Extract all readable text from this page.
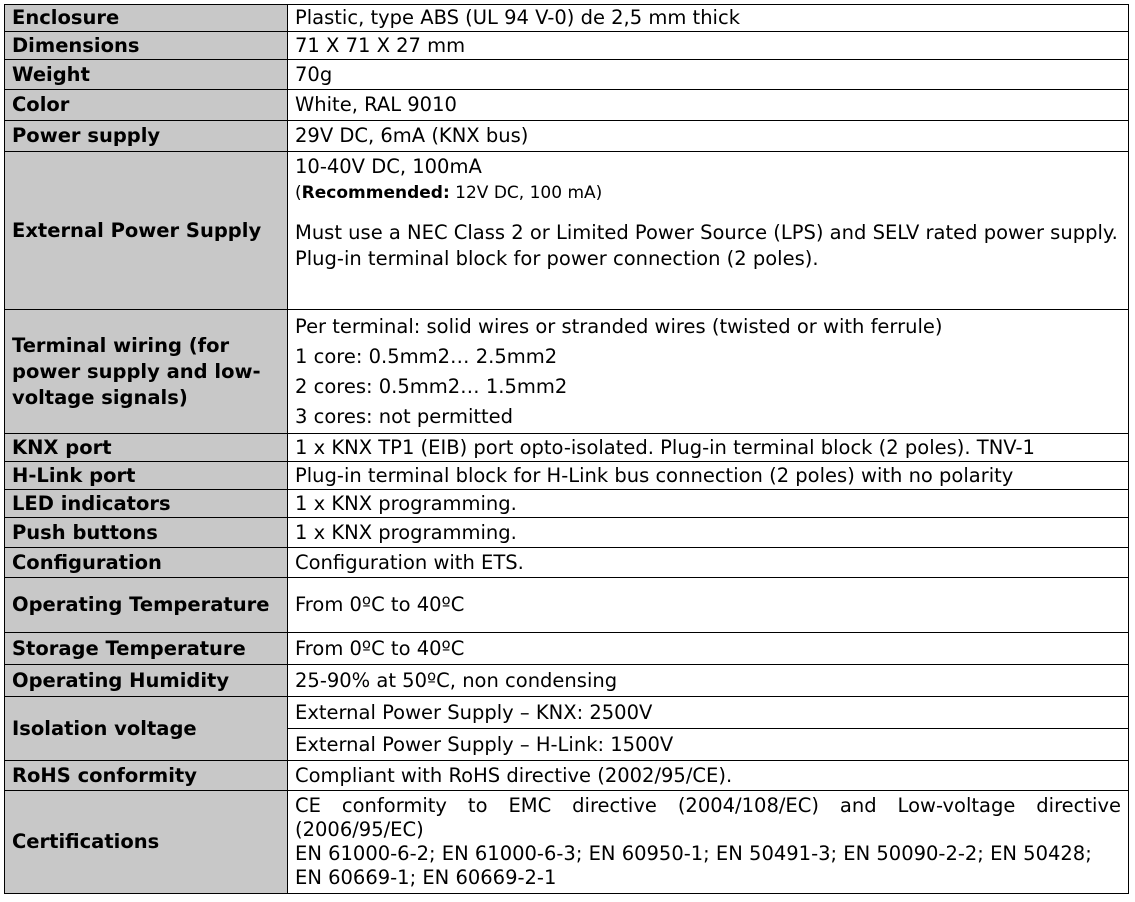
Enclosure	Plastic, type ABS (UL 94 V-0) de 2,5 mm thick
Dimensions	71 X 71 X 27 mm
Weight	70g
Color	White, RAL 9010
Power supply	29V DC, 6mA (KNX bus)
External Power Supply	10-40V DC, 100mA
(Recommended: 12V DC, 100 mA)
Must use a NEC Class 2 or Limited Power Source (LPS) and SELV rated power supply.
Plug-in terminal block for power connection (2 poles).

Terminal wiring (for power supply and low-voltage signals)	Per terminal: solid wires or stranded wires (twisted or with ferrule)
1 core: 0.5mm2… 2.5mm2
2 cores: 0.5mm2… 1.5mm2
3 cores: not permitted

KNX port	1 x KNX TP1 (EIB) port opto-isolated. Plug-in terminal block (2 poles). TNV-1
H-Link port	Plug-in terminal block for H-Link bus connection (2 poles) with no polarity
LED indicators	1 x KNX programming.
Push buttons	1 x KNX programming.
Configuration	Configuration with ETS.
Operating Temperature	From 0ºC to 40ºC
Storage Temperature	From 0ºC to 40ºC
Operating Humidity	25-90% at 50ºC, non condensing
Isolation voltage	External Power Supply – KNX: 2500V
	External Power Supply – H-Link: 1500V
RoHS conformity	Compliant with RoHS directive (2002/95/CE).
Certifications	CE conformity to EMC directive (2004/108/EC) and Low-voltage directive (2006/95/EC)
EN 61000-6-2; EN 61000-6-3; EN 60950-1; EN 50491-3; EN 50090-2-2; EN 50428; EN 60669-1; EN 60669-2-1
